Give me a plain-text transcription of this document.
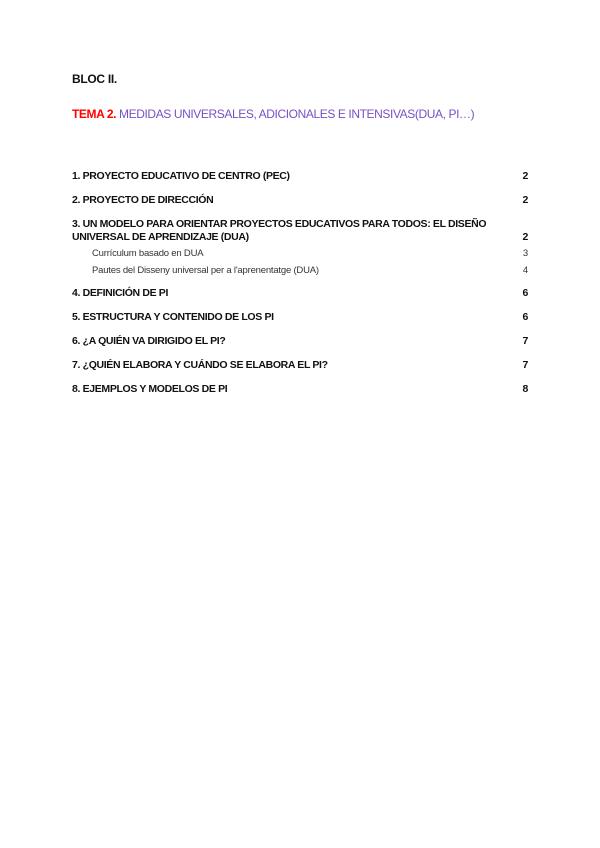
BLOC II.
TEMA 2. MEDIDAS UNIVERSALES, ADICIONALES E INTENSIVAS(DUA, PI…)
1. PROYECTO EDUCATIVO DE CENTRO (PEC)	2
2. PROYECTO DE DIRECCIÓN	2
3. UN MODELO PARA ORIENTAR PROYECTOS EDUCATIVOS PARA TODOS: EL DISEÑO UNIVERSAL DE APRENDIZAJE (DUA)	2
Currículum basado en DUA	3
Pautes del Disseny universal per a l'aprenentatge (DUA)	4
4. DEFINICIÓN DE PI	6
5. ESTRUCTURA Y CONTENIDO DE LOS PI	6
6. ¿A QUIÉN VA DIRIGIDO EL PI?	7
7. ¿QUIÉN ELABORA Y CUÁNDO SE ELABORA EL PI?	7
8. EJEMPLOS Y MODELOS DE PI	8
